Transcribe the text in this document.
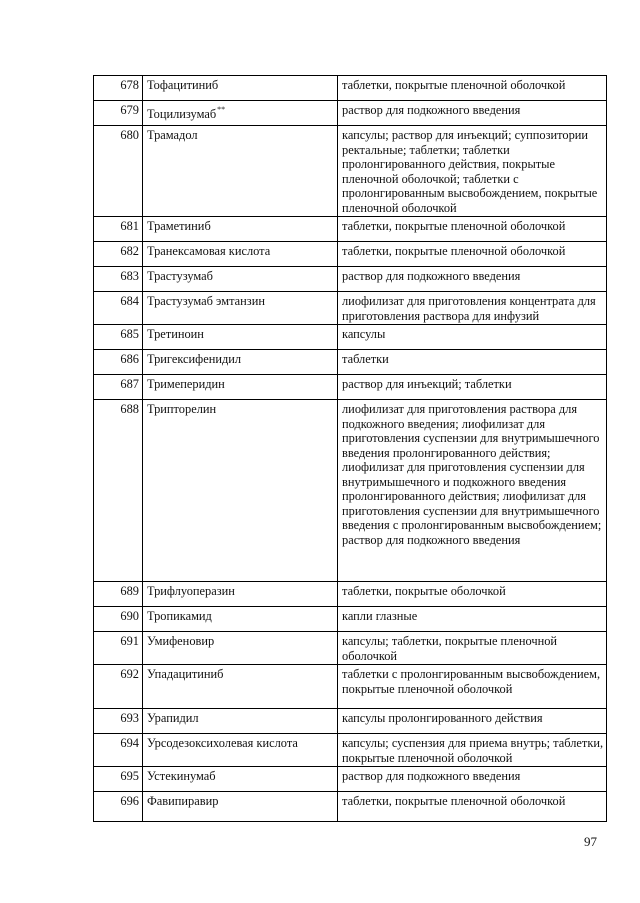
678	Тофацитиниб	таблетки, покрытые пленочной оболочкой

679	Тоцилизумаб**	раствор для подкожного введения

680	Трамадол	капсулы; раствор для инъекций; суппозитории ректальные; таблетки; таблетки пролонгированного действия, покрытые пленочной оболочкой; таблетки с пролонгированным высвобождением, покрытые пленочной оболочкой

681	Траметиниб	таблетки, покрытые пленочной оболочкой

682	Транексамовая кислота	таблетки, покрытые пленочной оболочкой

683	Трастузумаб	раствор для подкожного введения

684	Трастузумаб эмтанзин	лиофилизат для приготовления концентрата для приготовления раствора для инфузий

685	Третиноин	капсулы

686	Тригексифенидил	таблетки

687	Тримеперидин	раствор для инъекций; таблетки

688	Трипторелин	лиофилизат для приготовления раствора для подкожного введения; лиофилизат для приготовления суспензии для внутримышечного введения пролонгированного действия; лиофилизат для приготовления суспензии для внутримышечного и подкожного введения пролонгированного действия; лиофилизат для приготовления суспензии для внутримышечного введения с пролонгированным высвобождением; раствор для подкожного введения

689	Трифлуоперазин	таблетки, покрытые оболочкой

690	Тропикамид	капли глазные

691	Умифеновир	капсулы; таблетки, покрытые пленочной оболочкой

692	Упадацитиниб	таблетки с пролонгированным высвобождением, покрытые пленочной оболочкой

693	Урапидил	капсулы пролонгированного действия

694	Урсодезоксихолевая кислота	капсулы; суспензия для приема внутрь; таблетки, покрытые пленочной оболочкой

695	Устекинумаб	раствор для подкожного введения

696	Фавипиравир	таблетки, покрытые пленочной оболочкой
97
